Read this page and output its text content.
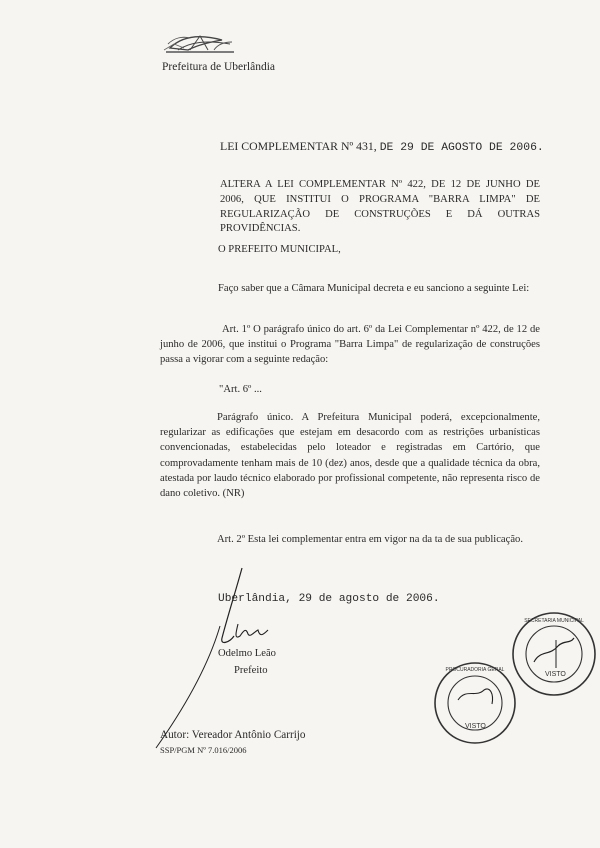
Prefeitura de Uberlândia
LEI COMPLEMENTAR Nº 431, DE 29 DE AGOSTO DE 2006.
ALTERA A LEI COMPLEMENTAR Nº 422, DE 12 DE JUNHO DE 2006, QUE INSTITUI O PROGRAMA "BARRA LIMPA" DE REGULARIZAÇÃO DE CONSTRUÇÕES E DÁ OUTRAS PROVIDÊNCIAS.
O PREFEITO MUNICIPAL,
Faço saber que a Câmara Municipal decreta e eu sanciono a seguinte Lei:
Art. 1º O parágrafo único do art. 6º da Lei Complementar nº 422, de 12 de junho de 2006, que institui o Programa "Barra Limpa" de regularização de construções passa a vigorar com a seguinte redação:
"Art. 6º ...
Parágrafo único. A Prefeitura Municipal poderá, excepcionalmente, regularizar as edificações que estejam em desacordo com as restrições urbanísticas convencionadas, estabelecidas pelo loteador e registradas em Cartório, que comprovadamente tenham mais de 10 (dez) anos, desde que a qualidade técnica da obra, atestada por laudo técnico elaborado por profissional competente, não representa risco de dano coletivo. (NR)
Art. 2º Esta lei complementar entra em vigor na da ta de sua publicação.
Uberlândia, 29 de agosto de 2006.
Odelmo Leão
Prefeito
Autor: Vereador Antônio Carrijo
SSP/PGM Nº 7.016/2006
VISTO
SECRETARIA MUNICIPAL
VISTO
PROCURADORIA GERAL
